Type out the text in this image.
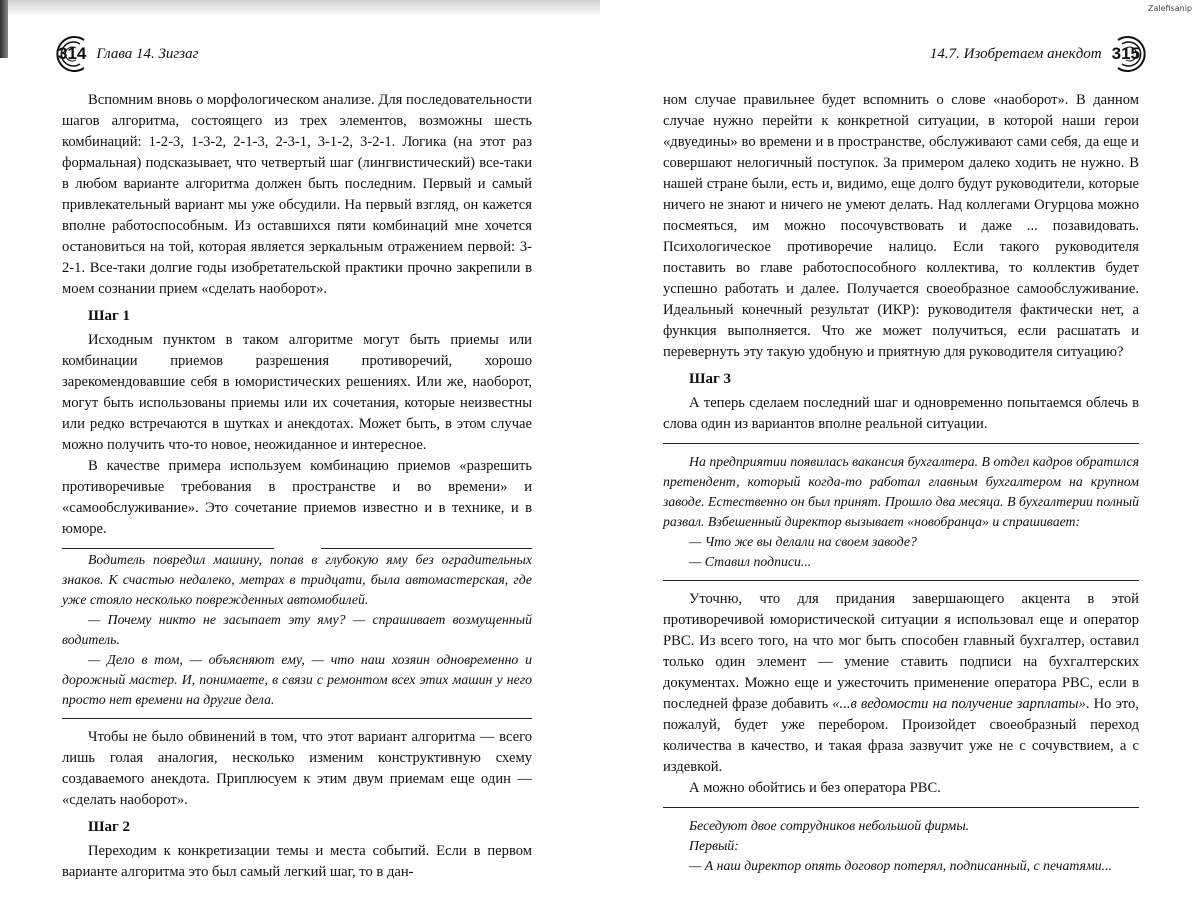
Zalefisanip
314 Глава 14. Зигзаг

Вспомним вновь о морфологическом анализе. Для последовательности шагов алгоритма, состоящего из трех элементов, возможны шесть комбинаций: 1-2-3, 1-3-2, 2-1-3, 2-3-1, 3-1-2, 3-2-1. Логика (на этот раз формальная) подсказывает, что четвертый шаг (лингвистический) все-таки в любом варианте алгоритма должен быть последним. Первый и самый привлекательный вариант мы уже обсудили. На первый взгляд, он кажется вполне работоспособным. Из оставшихся пяти комбинаций мне хочется остановиться на той, которая является зеркальным отражением первой: 3-2-1. Все-таки долгие годы изобретательской практики прочно закрепили в моем сознании прием «сделать наоборот».

Шаг 1

Исходным пунктом в таком алгоритме могут быть приемы или комбинации приемов разрешения противоречий, хорошо зарекомендовавшие себя в юмористических решениях. Или же, наоборот, могут быть использованы приемы или их сочетания, которые неизвестны или редко встречаются в шутках и анекдотах. Может быть, в этом случае можно получить что-то новое, неожиданное и интересное.

В качестве примера используем комбинацию приемов «разрешить противоречивые требования в пространстве и во времени» и «самообслуживание». Это сочетание приемов известно и в технике, и в юморе.

Водитель повредил машину, попав в глубокую яму без оградительных знаков. К счастью недалеко, метрах в тридцати, была автомастерская, где уже стояло несколько поврежденных автомобилей.

— Почему никто не засыпает эту яму? — спрашивает возмущенный водитель.

— Дело в том, — объясняют ему, — что наш хозяин одновременно и дорожный мастер. И, понимаете, в связи с ремонтом всех этих машин у него просто нет времени на другие дела.

Чтобы не было обвинений в том, что этот вариант алгоритма — всего лишь голая аналогия, несколько изменим конструктивную схему создаваемого анекдота. Приплюсуем к этим двум приемам еще один — «сделать наоборот».

Шаг 2

Переходим к конкретизации темы и места событий. Если в первом варианте алгоритма это был самый легкий шаг, то в дан-

14.7. Изобретаем анекдот 315

ном случае правильнее будет вспомнить о слове «наоборот». В данном случае нужно перейти к конкретной ситуации, в которой наши герои «двуедины» во времени и в пространстве, обслуживают сами себя, да еще и совершают нелогичный поступок. За примером далеко ходить не нужно. В нашей стране были, есть и, видимо, еще долго будут руководители, которые ничего не знают и ничего не умеют делать. Над коллегами Огурцова можно посмеяться, им можно посочувствовать и даже ... позавидовать. Психологическое противоречие налицо. Если такого руководителя поставить во главе работоспособного коллектива, то коллектив будет успешно работать и далее. Получается своеобразное самообслуживание. Идеальный конечный результат (ИКР): руководителя фактически нет, а функция выполняется. Что же может получиться, если расшатать и перевернуть эту такую удобную и приятную для руководителя ситуацию?

Шаг 3

А теперь сделаем последний шаг и одновременно попытаемся облечь в слова один из вариантов вполне реальной ситуации.

На предприятии появилась вакансия бухгалтера. В отдел кадров обратился претендент, который когда-то работал главным бухгалтером на крупном заводе. Естественно он был принят. Прошло два месяца. В бухгалтерии полный развал. Взбешенный директор вызывает «новобранца» и спрашивает:

— Что же вы делали на своем заводе?

— Ставил подписи...

Уточню, что для придания завершающего акцента в этой противоречивой юмористической ситуации я использовал еще и оператор РВС. Из всего того, на что мог быть способен главный бухгалтер, оставил только один элемент — умение ставить подписи на бухгалтерских документах. Можно еще и ужесточить применение оператора РВС, если в последней фразе добавить «...в ведомости на получение зарплаты». Но это, пожалуй, будет уже перебором. Произойдет своеобразный переход количества в качество, и такая фраза зазвучит уже не с сочувствием, а с издевкой.

А можно обойтись и без оператора РВС.

Беседуют двое сотрудников небольшой фирмы.

Первый:

— А наш директор опять договор потерял, подписанный, с печатями...
